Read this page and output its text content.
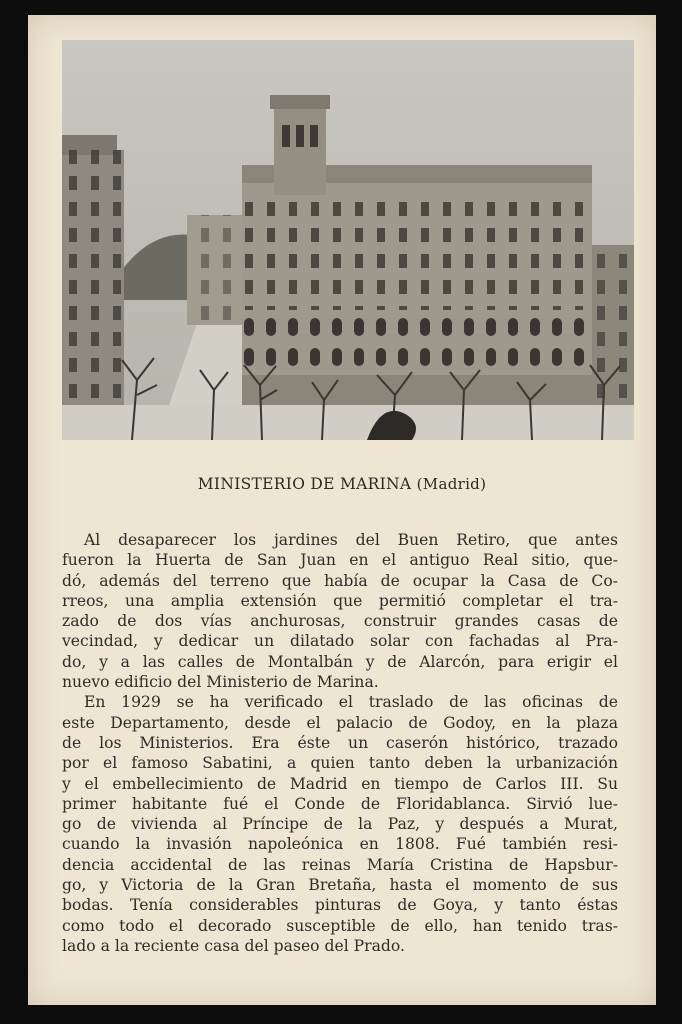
MINISTERIO DE MARINA (Madrid)
Al desaparecer los jardines del Buen Retiro, que antes
fueron la Huerta de San Juan en el antiguo Real sitio, que-
dó, además del terreno que había de ocupar la Casa de Co-
rreos, una amplia extensión que permitió completar el tra-
zado de dos vías anchurosas, construir grandes casas de
vecindad, y dedicar un dilatado solar con fachadas al Pra-
do, y a las calles de Montalbán y de Alarcón, para erigir el
nuevo edificio del Ministerio de Marina.
En 1929 se ha verificado el traslado de las oficinas de
este Departamento, desde el palacio de Godoy, en la plaza
de los Ministerios. Era éste un caserón histórico, trazado
por el famoso Sabatini, a quien tanto deben la urbanización
y el embellecimiento de Madrid en tiempo de Carlos III. Su
primer habitante fué el Conde de Floridablanca. Sirvió lue-
go de vivienda al Príncipe de la Paz, y después a Murat,
cuando la invasión napoleónica en 1808. Fué también resi-
dencia accidental de las reinas María Cristina de Hapsbur-
go, y Victoria de la Gran Bretaña, hasta el momento de sus
bodas. Tenía considerables pinturas de Goya, y tanto éstas
como todo el decorado susceptible de ello, han tenido tras-
lado a la reciente casa del paseo del Prado.
